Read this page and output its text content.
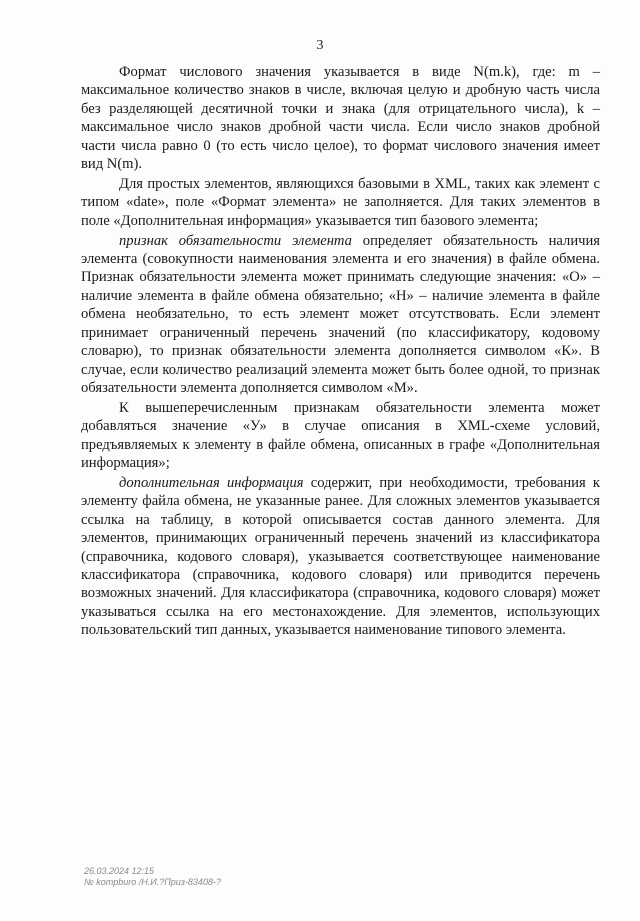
3

Формат числового значения указывается в виде N(m.k), где: m – максимальное количество знаков в числе, включая целую и дробную часть числа без разделяющей десятичной точки и знака (для отрицательного числа), k – максимальное число знаков дробной части числа. Если число знаков дробной части числа равно 0 (то есть число целое), то формат числового значения имеет вид N(m).

Для простых элементов, являющихся базовыми в XML, таких как элемент с типом «date», поле «Формат элемента» не заполняется. Для таких элементов в поле «Дополнительная информация» указывается тип базового элемента;

признак обязательности элемента определяет обязательность наличия элемента (совокупности наименования элемента и его значения) в файле обмена. Признак обязательности элемента может принимать следующие значения: «О» – наличие элемента в файле обмена обязательно; «Н» – наличие элемента в файле обмена необязательно, то есть элемент может отсутствовать. Если элемент принимает ограниченный перечень значений (по классификатору, кодовому словарю), то признак обязательности элемента дополняется символом «К». В случае, если количество реализаций элемента может быть более одной, то признак обязательности элемента дополняется символом «М».

К вышеперечисленным признакам обязательности элемента может добавляться значение «У» в случае описания в XML-схеме условий, предъявляемых к элементу в файле обмена, описанных в графе «Дополнительная информация»;

дополнительная информация содержит, при необходимости, требования к элементу файла обмена, не указанные ранее. Для сложных элементов указывается ссылка на таблицу, в которой описывается состав данного элемента. Для элементов, принимающих ограниченный перечень значений из классификатора (справочника, кодового словаря), указывается соответствующее наименование классификатора (справочника, кодового словаря) или приводится перечень возможных значений. Для классификатора (справочника, кодового словаря) может указываться ссылка на его местонахождение. Для элементов, использующих пользовательский тип данных, указывается наименование типового элемента.

26.03.2024 12:15
№ kompburo /Н.И.?Приз-83408-?
